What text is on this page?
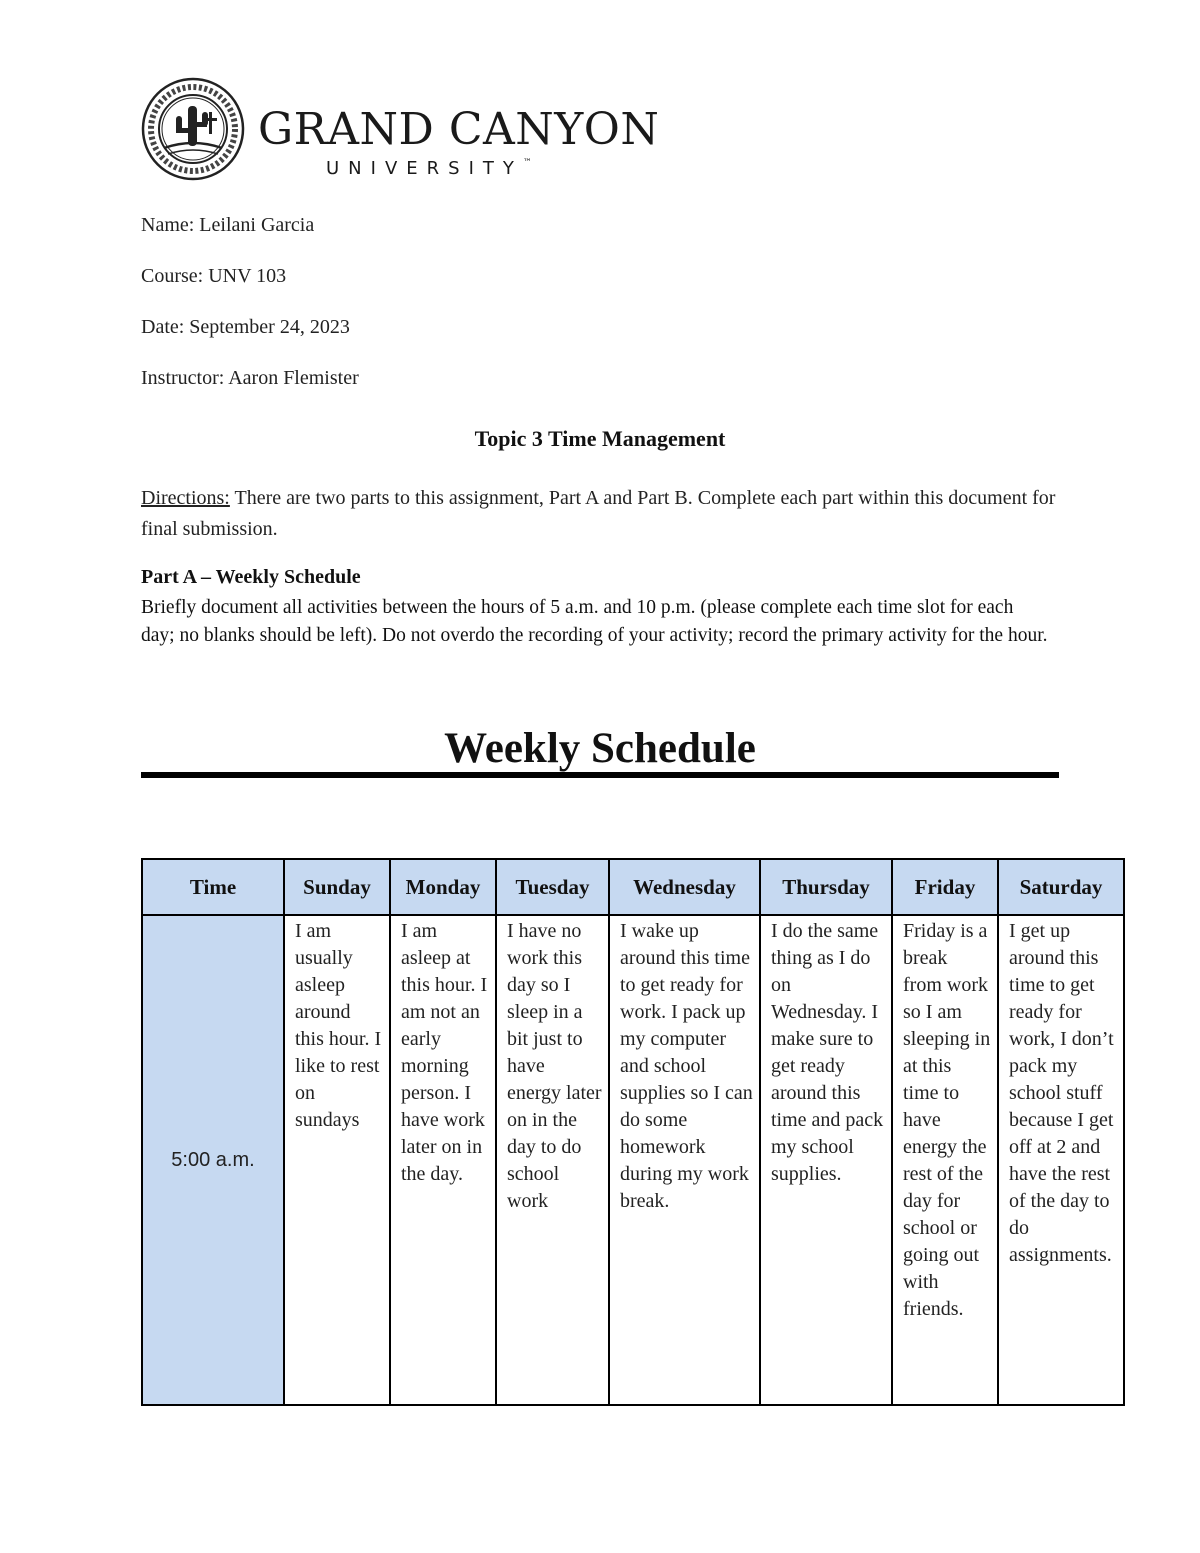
GRAND CANYON
UNIVERSITY™
Name: Leilani Garcia
Course: UNV 103
Date: September 24, 2023
Instructor: Aaron Flemister
Topic 3 Time Management
Directions: There are two parts to this assignment, Part A and Part B. Complete each part within this document for final submission.
Part A – Weekly Schedule
Briefly document all activities between the hours of 5 a.m. and 10 p.m. (please complete each time slot for each day; no blanks should be left). Do not overdo the recording of your activity; record the primary activity for the hour.
Weekly Schedule
Time	Sunday	Monday	Tuesday	Wednesday	Thursday	Friday	Saturday
5:00 a.m.	I am usually asleep around this hour. I like to rest on sundays	I am asleep at this hour. I am not an early morning person. I have work later on in the day.	I have no work this day so I sleep in a bit just to have energy later on in the day to do school work	I wake up around this time to get ready for work. I pack up my computer and school supplies so I can do some homework during my work break.	I do the same thing as I do on Wednesday. I make sure to get ready around this time and pack my school supplies.	Friday is a break from work so I am sleeping in at this time to have energy the rest of the day for school or going out with friends.	I get up around this time to get ready for work, I don’t pack my school stuff because I get off at 2 and have the rest of the day to do assignments.
